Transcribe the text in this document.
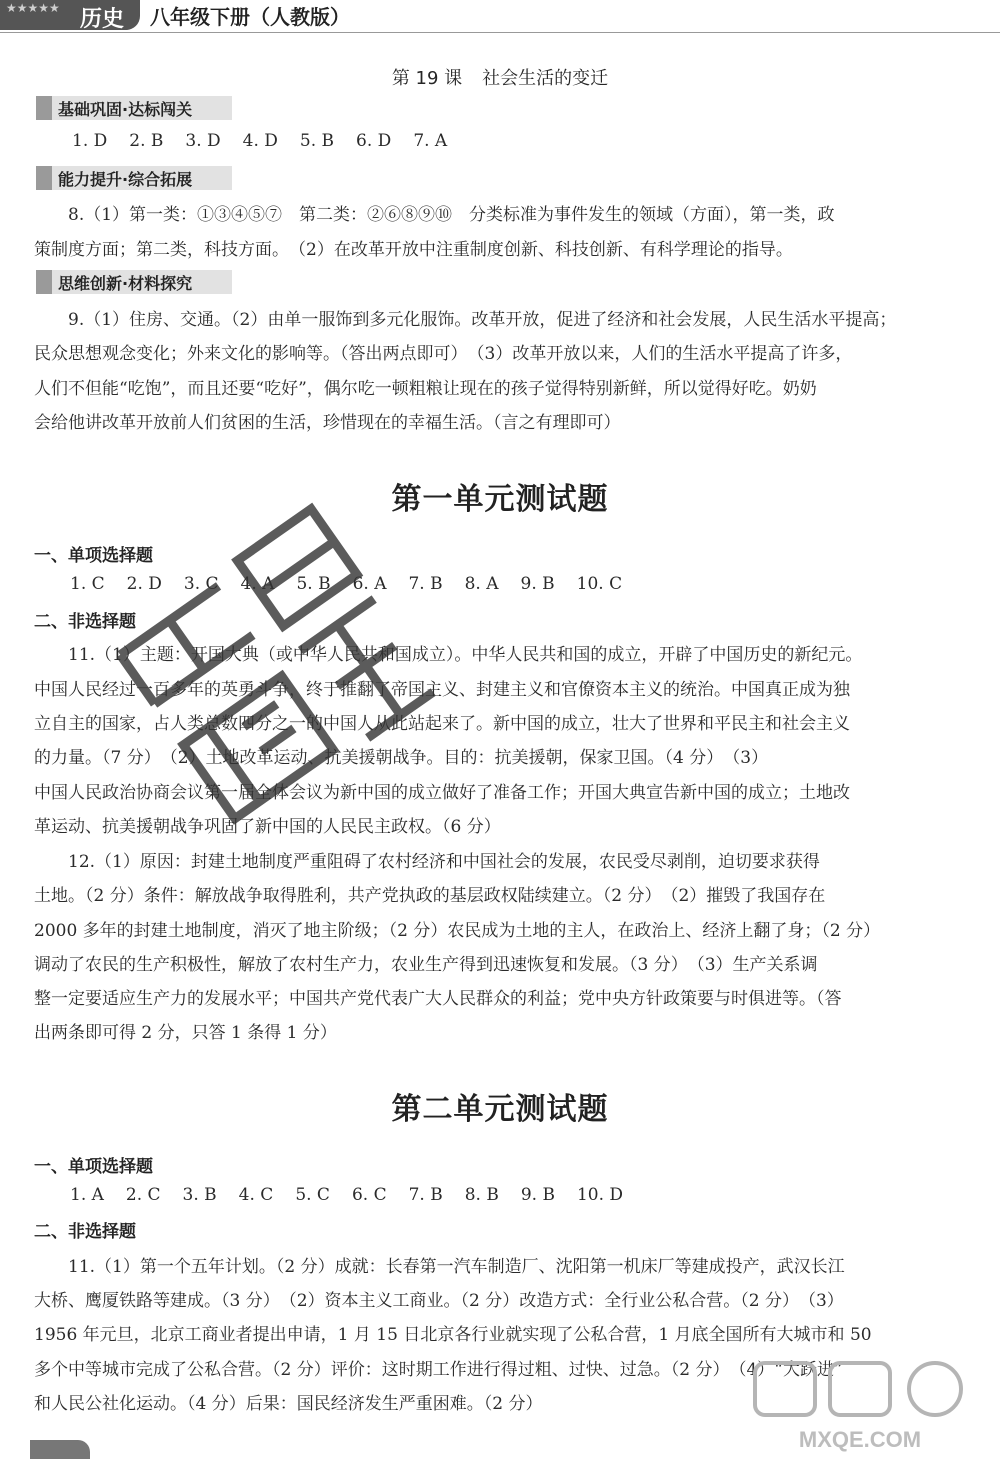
★★★★★ 历史 八年级下册（人教版）
第 19 课 社会生活的变迁
基础巩固·达标闯关
1. D 2. B 3. D 4. D 5. B 6. D 7. A
能力提升·综合拓展
8.（1）第一类：①③④⑤⑦　第二类：②⑥⑧⑨⑩　分类标准为事件发生的领域（方面），第一类，政
策制度方面；第二类，科技方面。　（2）在改革开放中注重制度创新、科技创新、有科学理论的指导。
思维创新·材料探究
9.（1）住房、交通。（2）由单一服饰到多元化服饰。改革开放，促进了经济和社会发展，人民生活水平提高；
民众思想观念变化；外来文化的影响等。（答出两点即可）　（3）改革开放以来，人们的生活水平提高了许多，
人们不但能“吃饱”，而且还要“吃好”，偶尔吃一顿粗粮让现在的孩子觉得特别新鲜，所以觉得好吃。奶奶
会给他讲改革开放前人们贫困的生活，珍惜现在的幸福生活。（言之有理即可）
第一单元测试题
一、单项选择题
1. C 2. D 3. C 4. A 5. B 6. A 7. B 8. A 9. B 10. C
二、非选择题
11.（1）主题：开国大典（或中华人民共和国成立）。中华人民共和国的成立，开辟了中国历史的新纪元。
中国人民经过一百多年的英勇斗争，终于推翻了帝国主义、封建主义和官僚资本主义的统治。中国真正成为独
立自主的国家，占人类总数四分之一的中国人从此站起来了。新中国的成立，壮大了世界和平民主和社会主义
的力量。（7 分）　（2）土地改革运动、抗美援朝战争。目的：抗美援朝，保家卫国。（4 分）　（3）
中国人民政治协商会议第一届全体会议为新中国的成立做好了准备工作；开国大典宣告新中国的成立；土地改
革运动、抗美援朝战争巩固了新中国的人民民主政权。（6 分）
12.（1）原因：封建土地制度严重阻碍了农村经济和中国社会的发展，农民受尽剥削，迫切要求获得
土地。（2 分）条件：解放战争取得胜利，共产党执政的基层政权陆续建立。（2 分）　（2）摧毁了我国存在
2000 多年的封建土地制度，消灭了地主阶级；（2 分）农民成为土地的主人，在政治上、经济上翻了身；（2 分）
调动了农民的生产积极性，解放了农村生产力，农业生产得到迅速恢复和发展。（3 分）　（3）生产关系调
整一定要适应生产力的发展水平；中国共产党代表广大人民群众的利益；党中央方针政策要与时俱进等。（答
出两条即可得 2 分，只答 1 条得 1 分）
第二单元测试题
一、单项选择题
1. A 2. C 3. B 4. C 5. C 6. C 7. B 8. B 9. B 10. D
二、非选择题
11.（1）第一个五年计划。（2 分）成就：长春第一汽车制造厂、沈阳第一机床厂等建成投产，武汉长江
大桥、鹰厦铁路等建成。（3 分）　（2）资本主义工商业。（2 分）改造方式：全行业公私合营。（2 分）　（3）
1956 年元旦，北京工商业者提出申请，1 月 15 日北京各行业就实现了公私合营，1 月底全国所有大城市和 50
多个中等城市完成了公私合营。（2 分）评价：这时期工作进行得过粗、过快、过急。（2 分）　（4）“大跃进”
和人民公社化运动。（4 分）后果：国民经济发生严重困难。（2 分）
MXQE.COM
